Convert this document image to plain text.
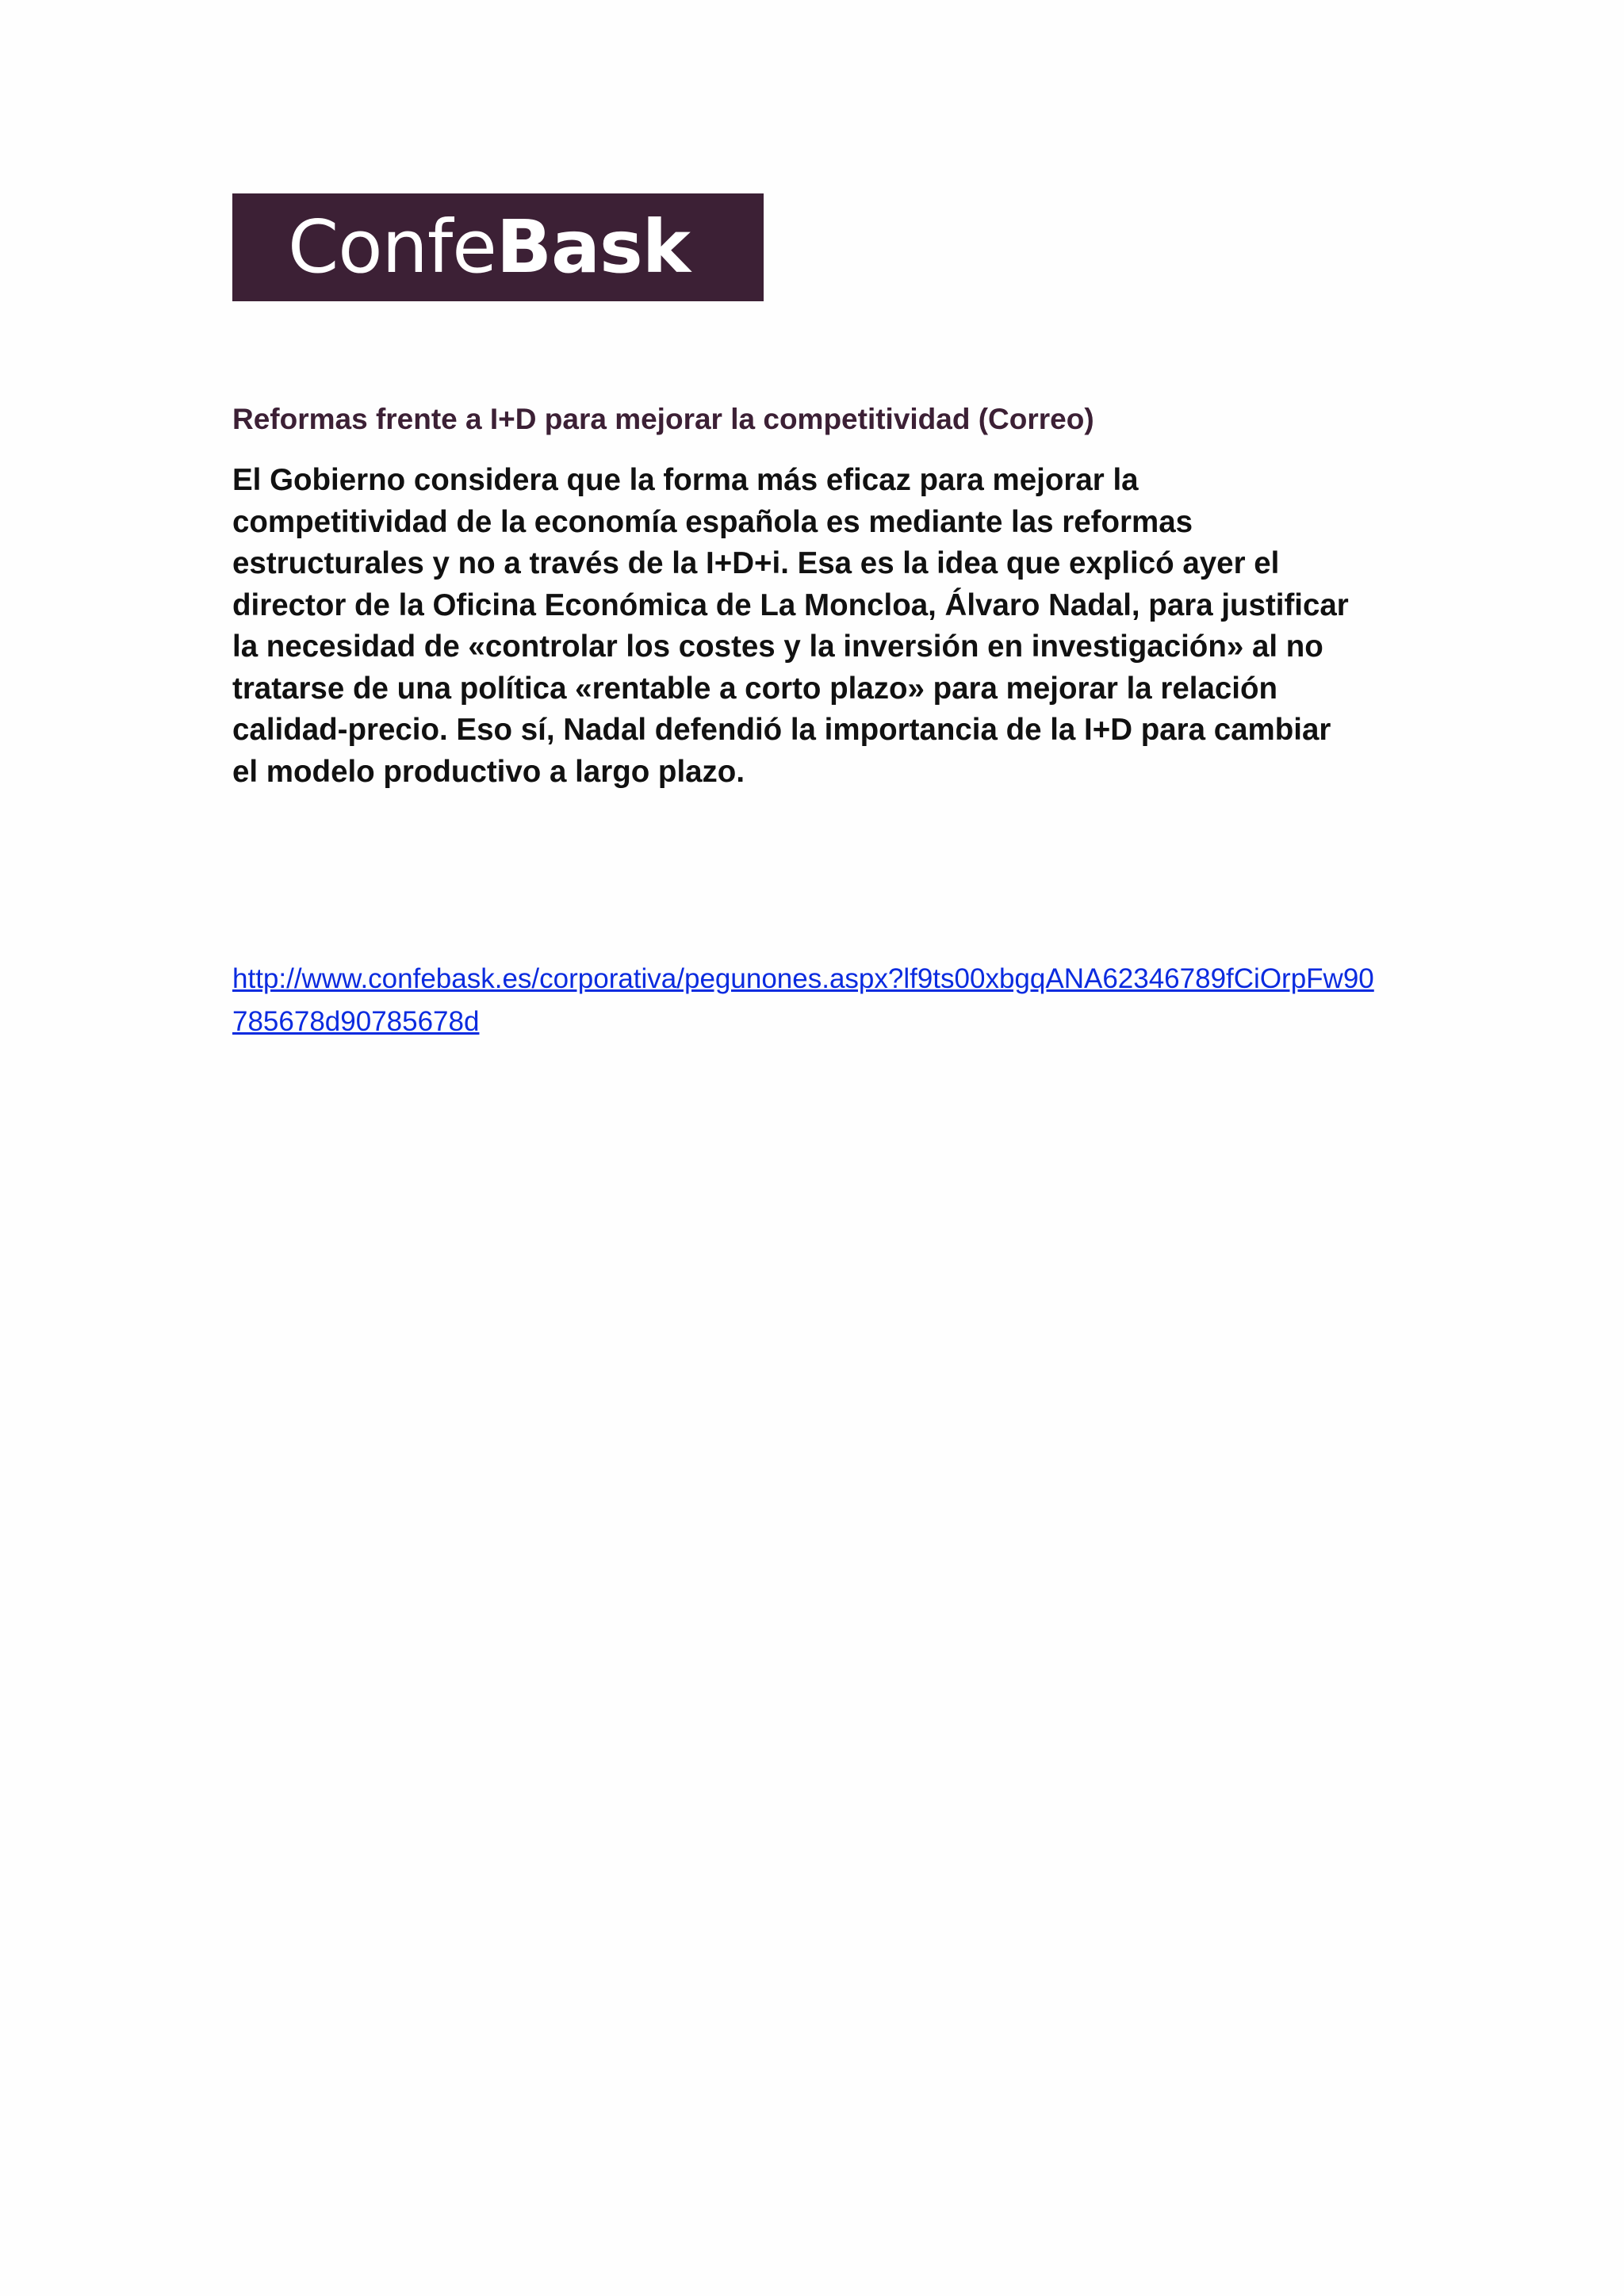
Confe Bask
Reformas frente a I+D para mejorar la competitividad (Correo)
El Gobierno considera que la forma más eficaz para mejorar la
competitividad de la economía española es mediante las reformas
estructurales y no a través de la I+D+i. Esa es la idea que explicó ayer el
director de la Oficina Económica de La Moncloa, Álvaro Nadal, para justificar
la necesidad de «controlar los costes y la inversión en investigación» al no
tratarse de una política «rentable a corto plazo» para mejorar la relación
calidad-precio. Eso sí, Nadal defendió la importancia de la I+D para cambiar
el modelo productivo a largo plazo.
http://www.confebask.es/corporativa/pegunones.aspx?lf9ts00xbgqANA62346789fCiOrpFw90
785678d90785678d
